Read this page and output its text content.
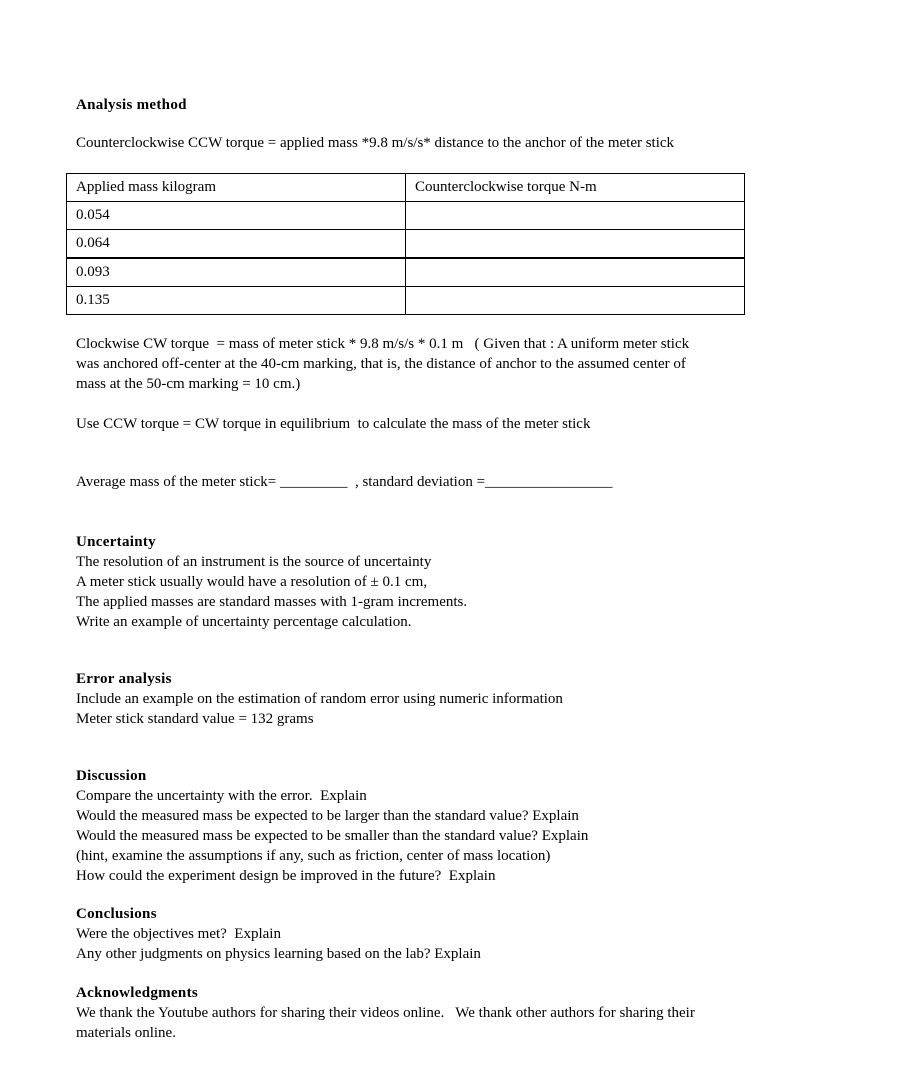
Analysis method

Counterclockwise CCW torque = applied mass *9.8 m/s/s* distance to the anchor of the meter stick

Applied mass kilogram	Counterclockwise torque N-m
0.054	
0.064	
0.093	
0.135	

Clockwise CW torque  = mass of meter stick * 9.8 m/s/s * 0.1 m   ( Given that : A uniform meter stick

was anchored off-center at the 40-cm marking, that is, the distance of anchor to the assumed center of

mass at the 50-cm marking = 10 cm.)

Use CCW torque = CW torque in equilibrium  to calculate the mass of the meter stick

Average mass of the meter stick= _________  , standard deviation =_________________

Uncertainty

The resolution of an instrument is the source of uncertainty

A meter stick usually would have a resolution of ± 0.1 cm,

The applied masses are standard masses with 1-gram increments.

Write an example of uncertainty percentage calculation.

Error analysis

Include an example on the estimation of random error using numeric information

Meter stick standard value = 132 grams

Discussion

Compare the uncertainty with the error.  Explain

Would the measured mass be expected to be larger than the standard value? Explain

Would the measured mass be expected to be smaller than the standard value? Explain

(hint, examine the assumptions if any, such as friction, center of mass location)

How could the experiment design be improved in the future?  Explain

Conclusions

Were the objectives met?  Explain

Any other judgments on physics learning based on the lab? Explain

Acknowledgments

We thank the Youtube authors for sharing their videos online.   We thank other authors for sharing their

materials online.
